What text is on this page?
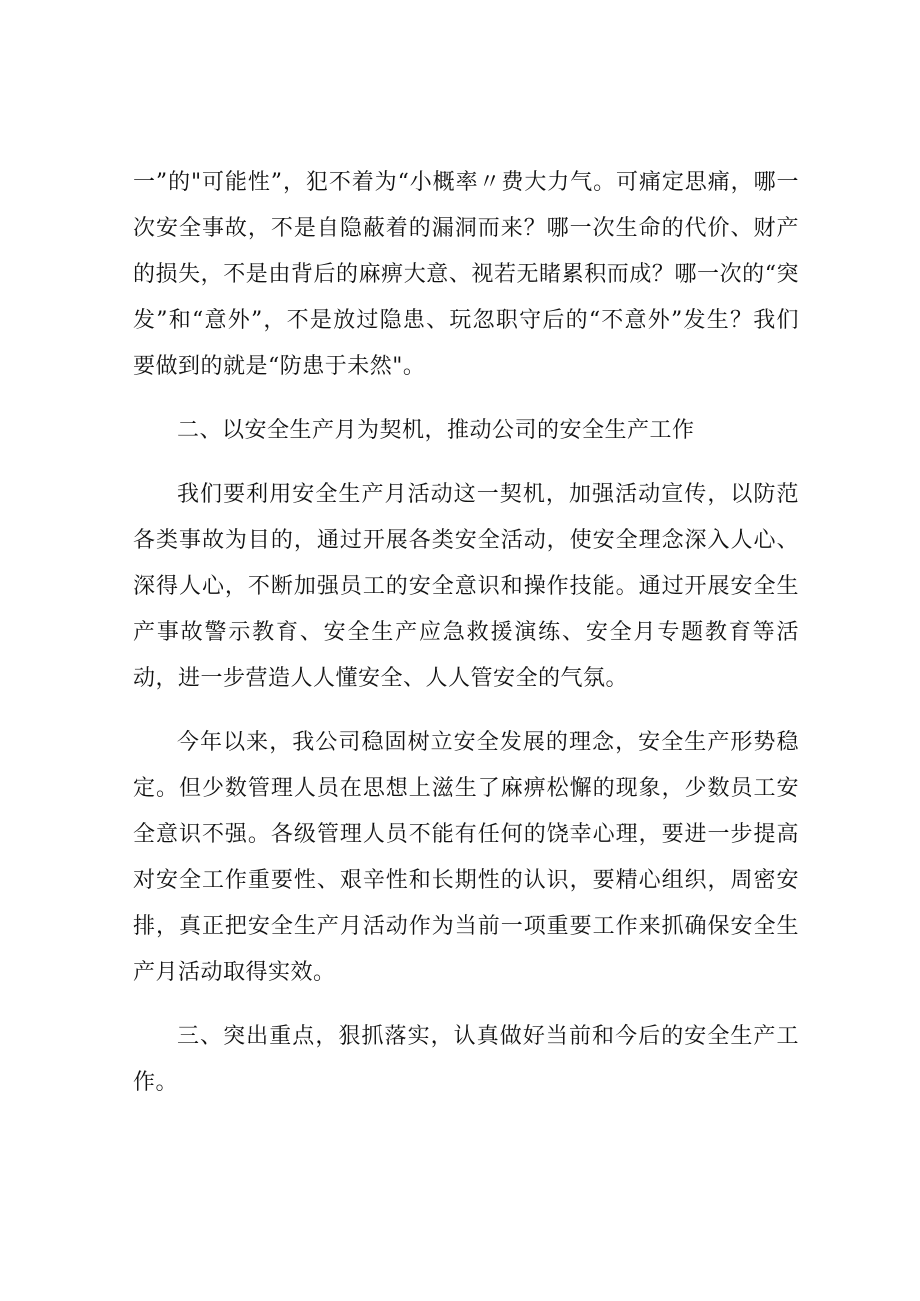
一”的"可能性”，犯不着为“小概率〃费大力气。可痛定思痛，哪一次安全事故，不是自隐蔽着的漏洞而来？哪一次生命的代价、财产的损失，不是由背后的麻痹大意、视若无睹累积而成？哪一次的“突发”和“意外”，不是放过隐患、玩忽职守后的“不意外”发生？我们要做到的就是“防患于未然"。

二、以安全生产月为契机，推动公司的安全生产工作

我们要利用安全生产月活动这一契机，加强活动宣传，以防范各类事故为目的，通过开展各类安全活动，使安全理念深入人心、深得人心，不断加强员工的安全意识和操作技能。通过开展安全生产事故警示教育、安全生产应急救援演练、安全月专题教育等活动，进一步营造人人懂安全、人人管安全的气氛。

今年以来，我公司稳固树立安全发展的理念，安全生产形势稳定。但少数管理人员在思想上滋生了麻痹松懈的现象，少数员工安全意识不强。各级管理人员不能有任何的饶幸心理，要进一步提高对安全工作重要性、艰辛性和长期性的认识，要精心组织，周密安排，真正把安全生产月活动作为当前一项重要工作来抓确保安全生产月活动取得实效。

三、突出重点，狠抓落实，认真做好当前和今后的安全生产工作。
